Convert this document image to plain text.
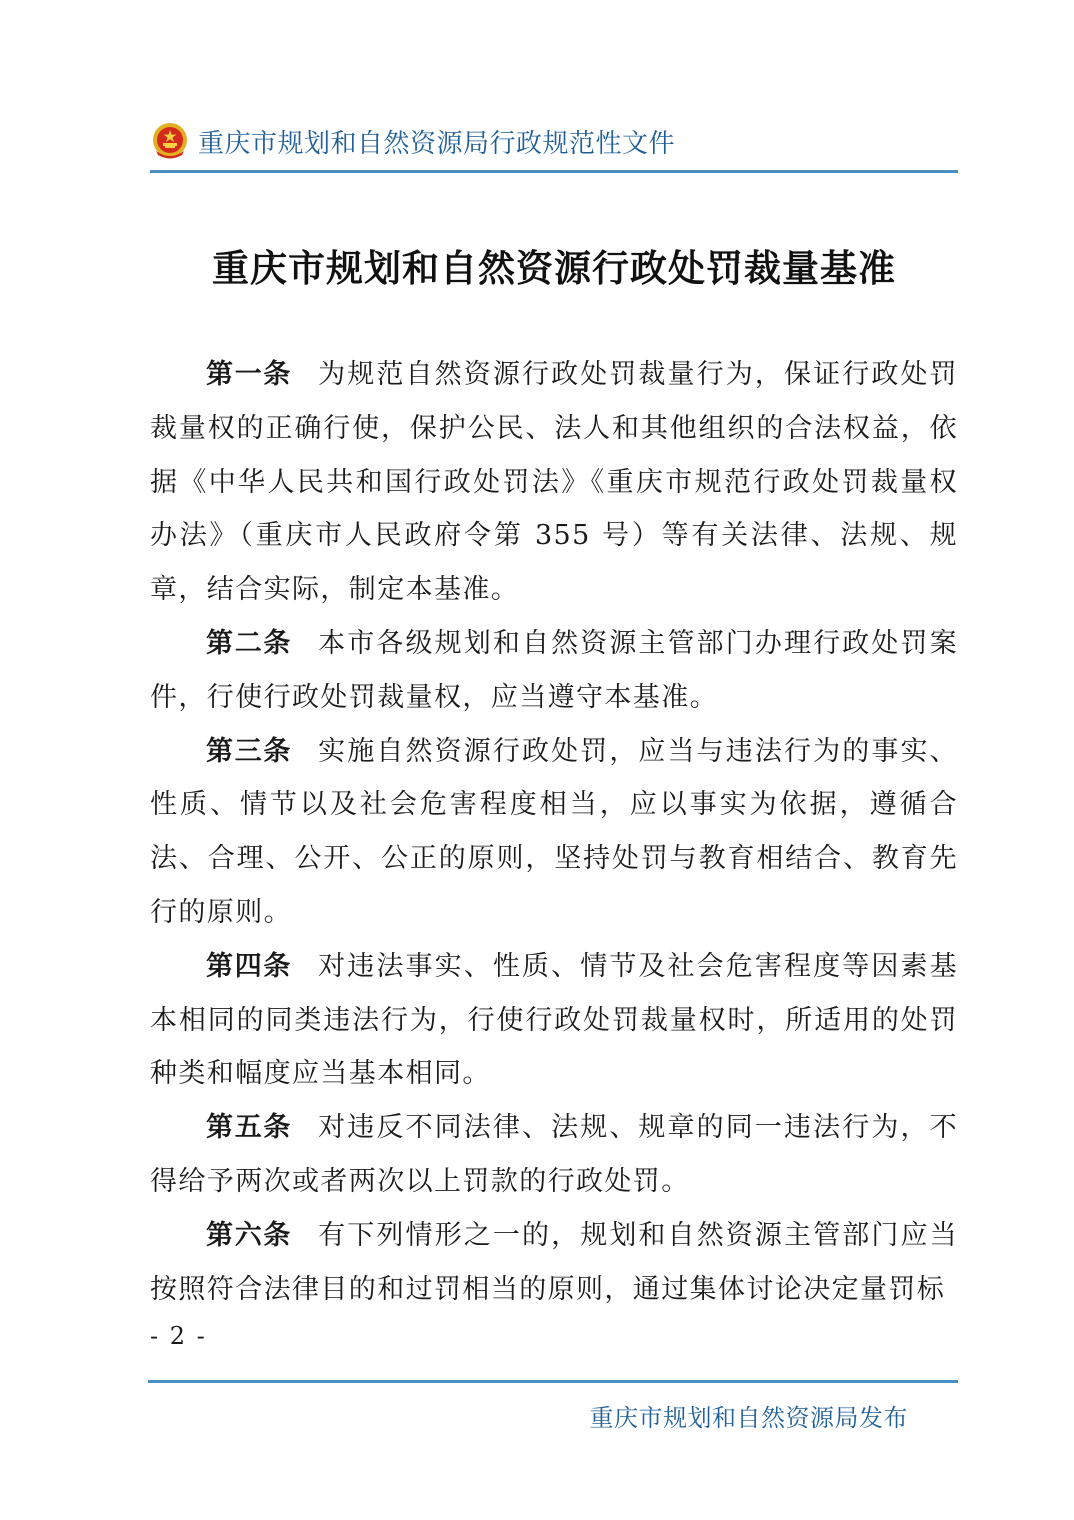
重庆市规划和自然资源局行政规范性文件
重庆市规划和自然资源行政处罚裁量基准

第一条 为规范自然资源行政处罚裁量行为，保证行政处罚裁量权的正确行使，保护公民、法人和其他组织的合法权益，依据《中华人民共和国行政处罚法》《重庆市规范行政处罚裁量权办法》（重庆市人民政府令第 355 号）等有关法律、法规、规章，结合实际，制定本基准。

第二条 本市各级规划和自然资源主管部门办理行政处罚案件，行使行政处罚裁量权，应当遵守本基准。

第三条 实施自然资源行政处罚，应当与违法行为的事实、性质、情节以及社会危害程度相当，应以事实为依据，遵循合法、合理、公开、公正的原则，坚持处罚与教育相结合、教育先行的原则。

第四条 对违法事实、性质、情节及社会危害程度等因素基本相同的同类违法行为，行使行政处罚裁量权时，所适用的处罚种类和幅度应当基本相同。

第五条 对违反不同法律、法规、规章的同一违法行为，不得给予两次或者两次以上罚款的行政处罚。

第六条 有下列情形之一的，规划和自然资源主管部门应当按照符合法律目的和过罚相当的原则，通过集体讨论决定量罚标

- 2 -
重庆市规划和自然资源局发布
